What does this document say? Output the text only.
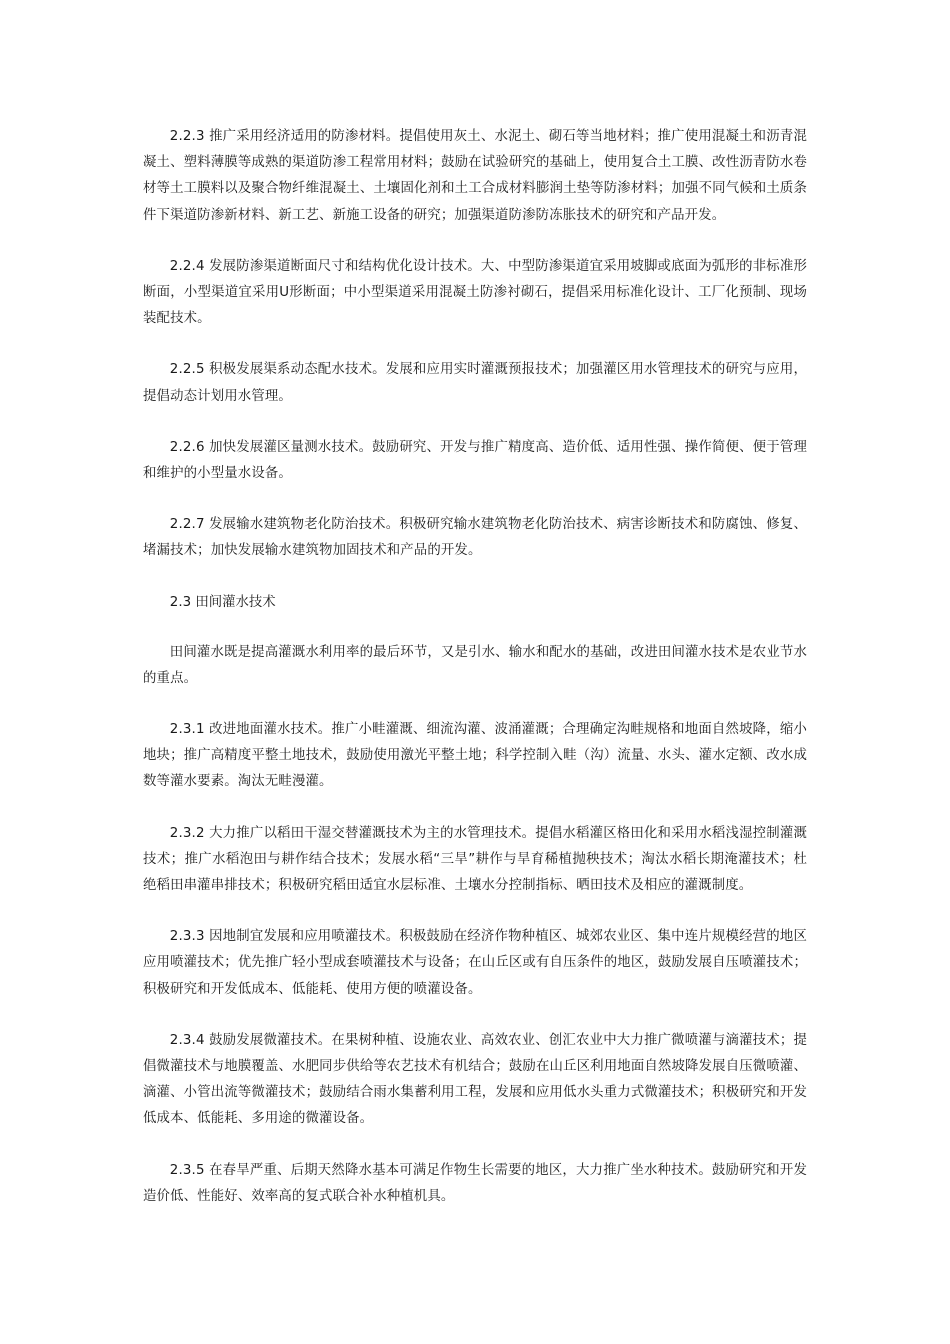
2.2.3 推广采用经济适用的防渗材料。提倡使用灰土、水泥土、砌石等当地材料；推广使用混凝土和沥青混凝土、塑料薄膜等成熟的渠道防渗工程常用材料；鼓励在试验研究的基础上，使用复合土工膜、改性沥青防水卷材等土工膜料以及聚合物纤维混凝土、土壤固化剂和土工合成材料膨润土垫等防渗材料；加强不同气候和土质条件下渠道防渗新材料、新工艺、新施工设备的研究；加强渠道防渗防冻胀技术的研究和产品开发。

2.2.4 发展防渗渠道断面尺寸和结构优化设计技术。大、中型防渗渠道宜采用坡脚或底面为弧形的非标准形断面，小型渠道宜采用U形断面；中小型渠道采用混凝土防渗衬砌石，提倡采用标准化设计、工厂化预制、现场装配技术。

2.2.5 积极发展渠系动态配水技术。发展和应用实时灌溉预报技术；加强灌区用水管理技术的研究与应用，提倡动态计划用水管理。

2.2.6 加快发展灌区量测水技术。鼓励研究、开发与推广精度高、造价低、适用性强、操作简便、便于管理和维护的小型量水设备。

2.2.7 发展输水建筑物老化防治技术。积极研究输水建筑物老化防治技术、病害诊断技术和防腐蚀、修复、堵漏技术；加快发展输水建筑物加固技术和产品的开发。

2.3 田间灌水技术

田间灌水既是提高灌溉水利用率的最后环节，又是引水、输水和配水的基础，改进田间灌水技术是农业节水的重点。

2.3.1 改进地面灌水技术。推广小畦灌溉、细流沟灌、波涌灌溉；合理确定沟畦规格和地面自然坡降，缩小地块；推广高精度平整土地技术，鼓励使用激光平整土地；科学控制入畦（沟）流量、水头、灌水定额、改水成数等灌水要素。淘汰无畦漫灌。

2.3.2 大力推广以稻田干湿交替灌溉技术为主的水管理技术。提倡水稻灌区格田化和采用水稻浅湿控制灌溉技术；推广水稻泡田与耕作结合技术；发展水稻“三旱”耕作与旱育稀植抛秧技术；淘汰水稻长期淹灌技术；杜绝稻田串灌串排技术；积极研究稻田适宜水层标准、土壤水分控制指标、晒田技术及相应的灌溉制度。

2.3.3 因地制宜发展和应用喷灌技术。积极鼓励在经济作物种植区、城郊农业区、集中连片规模经营的地区应用喷灌技术；优先推广轻小型成套喷灌技术与设备；在山丘区或有自压条件的地区，鼓励发展自压喷灌技术；积极研究和开发低成本、低能耗、使用方便的喷灌设备。

2.3.4 鼓励发展微灌技术。在果树种植、设施农业、高效农业、创汇农业中大力推广微喷灌与滴灌技术；提倡微灌技术与地膜覆盖、水肥同步供给等农艺技术有机结合；鼓励在山丘区利用地面自然坡降发展自压微喷灌、滴灌、小管出流等微灌技术；鼓励结合雨水集蓄利用工程，发展和应用低水头重力式微灌技术；积极研究和开发低成本、低能耗、多用途的微灌设备。

2.3.5 在春旱严重、后期天然降水基本可满足作物生长需要的地区，大力推广坐水种技术。鼓励研究和开发造价低、性能好、效率高的复式联合补水种植机具。
